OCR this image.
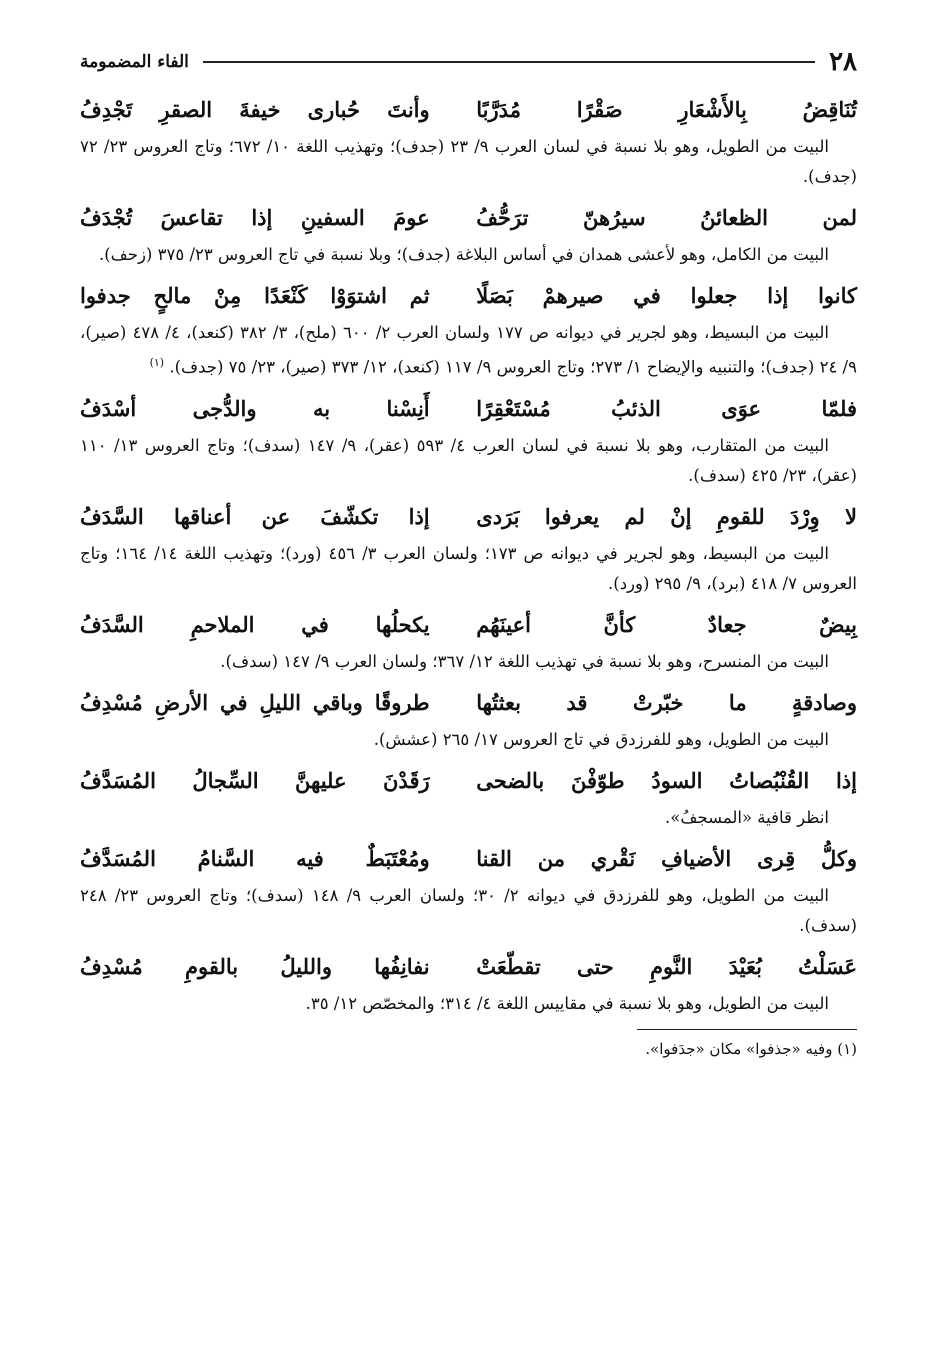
٢٨
الفاء المضمومة
تُنَاقِضُ بِالأَشْعَارِ صَقْرًا مُدَرَّبًا
وأنتَ حُبارى خيفةَ الصقرِ تَجْدِفُ

البيت من الطويل، وهو بلا نسبة في لسان العرب ٩/ ٢٣ (جدف)؛ وتهذيب اللغة ١٠/ ٦٧٢؛ وتاج العروس ٢٣/ ٧٢ (جدف).

لمن الظعائنُ سيرُهنّ ترَحُّفُ
عومَ السفينِ إذا تقاعسَ تُجْدَفُ

البيت من الكامل، وهو لأعشى همدان في أساس البلاغة (جدف)؛ وبلا نسبة في تاج العروس ٢٣/ ٣٧٥ (زحف).

كانوا إذا جعلوا في صيرهمْ بَصَلًا
ثم اشتوَوْا كَنْعَدًا مِنْ مالحٍ جدفوا

البيت من البسيط، وهو لجرير في ديوانه ص ١٧٧ ولسان العرب ٢/ ٦٠٠ (ملح)، ٣/ ٣٨٢ (كنعد)، ٤/ ٤٧٨ (صير)، ٩/ ٢٤ (جدف)؛ والتنبيه والإيضاح ١/ ٢٧٣؛ وتاج العروس ٩/ ١١٧ (كنعد)، ١٢/ ٣٧٣ (صير)، ٢٣/ ٧٥ (جدف). $^{(١)}$

فلمّا عوَى الذئبُ مُسْتَعْقِرًا
أَنِسْنا به والدُّجى أسْدَفُ

البيت من المتقارب، وهو بلا نسبة في لسان العرب ٤/ ٥٩٣ (عقر)، ٩/ ١٤٧ (سدف)؛ وتاج العروس ١٣/ ١١٠ (عقر)، ٢٣/ ٤٢٥ (سدف).

لا وِرْدَ للقومِ إنْ لم يعرفوا بَرَدى
إذا تكشّفَ عن أعناقها السَّدَفُ

البيت من البسيط، وهو لجرير في ديوانه ص ١٧٣؛ ولسان العرب ٣/ ٤٥٦ (ورد)؛ وتهذيب اللغة ١٤/ ١٦٤؛ وتاج العروس ٧/ ٤١٨ (برد)، ٩/ ٢٩٥ (ورد).

بِيضٌ جعادٌ كأنَّ أعينَهُم
يكحلُها في الملاحمِ السَّدَفُ

البيت من المنسرح، وهو بلا نسبة في تهذيب اللغة ١٢/ ٣٦٧؛ ولسان العرب ٩/ ١٤٧ (سدف).

وصادقةٍ ما خبّرتْ قد بعثتُها
طروقًا وباقي الليلِ في الأرضِ مُسْدِفُ

البيت من الطويل، وهو للفرزدق في تاج العروس ١٧/ ٢٦٥ (عشش).

إذا القُنْبُصاتُ السودُ طوّفْنَ بالضحى
رَقَدْنَ عليهنَّ السِّجالُ المُسَدَّفُ

انظر قافية «المسجفُ».

وكلُّ قِرى الأضيافِ نَقْري من القنا
ومُعْتَبَطٌ فيه السَّنامُ المُسَدَّفُ

البيت من الطويل، وهو للفرزدق في ديوانه ٢/ ٣٠؛ ولسان العرب ٩/ ١٤٨ (سدف)؛ وتاج العروس ٢٣/ ٢٤٨ (سدف).

عَسَلْتُ بُعَيْدَ النَّومِ حتى تقطّعَتْ
نفانِفُها والليلُ بالقومِ مُسْدِفُ

البيت من الطويل، وهو بلا نسبة في مقاييس اللغة ٤/ ٣١٤؛ والمخصّص ١٢/ ٣٥.

(١) وفيه «جذفوا» مكان «جدَفوا».
